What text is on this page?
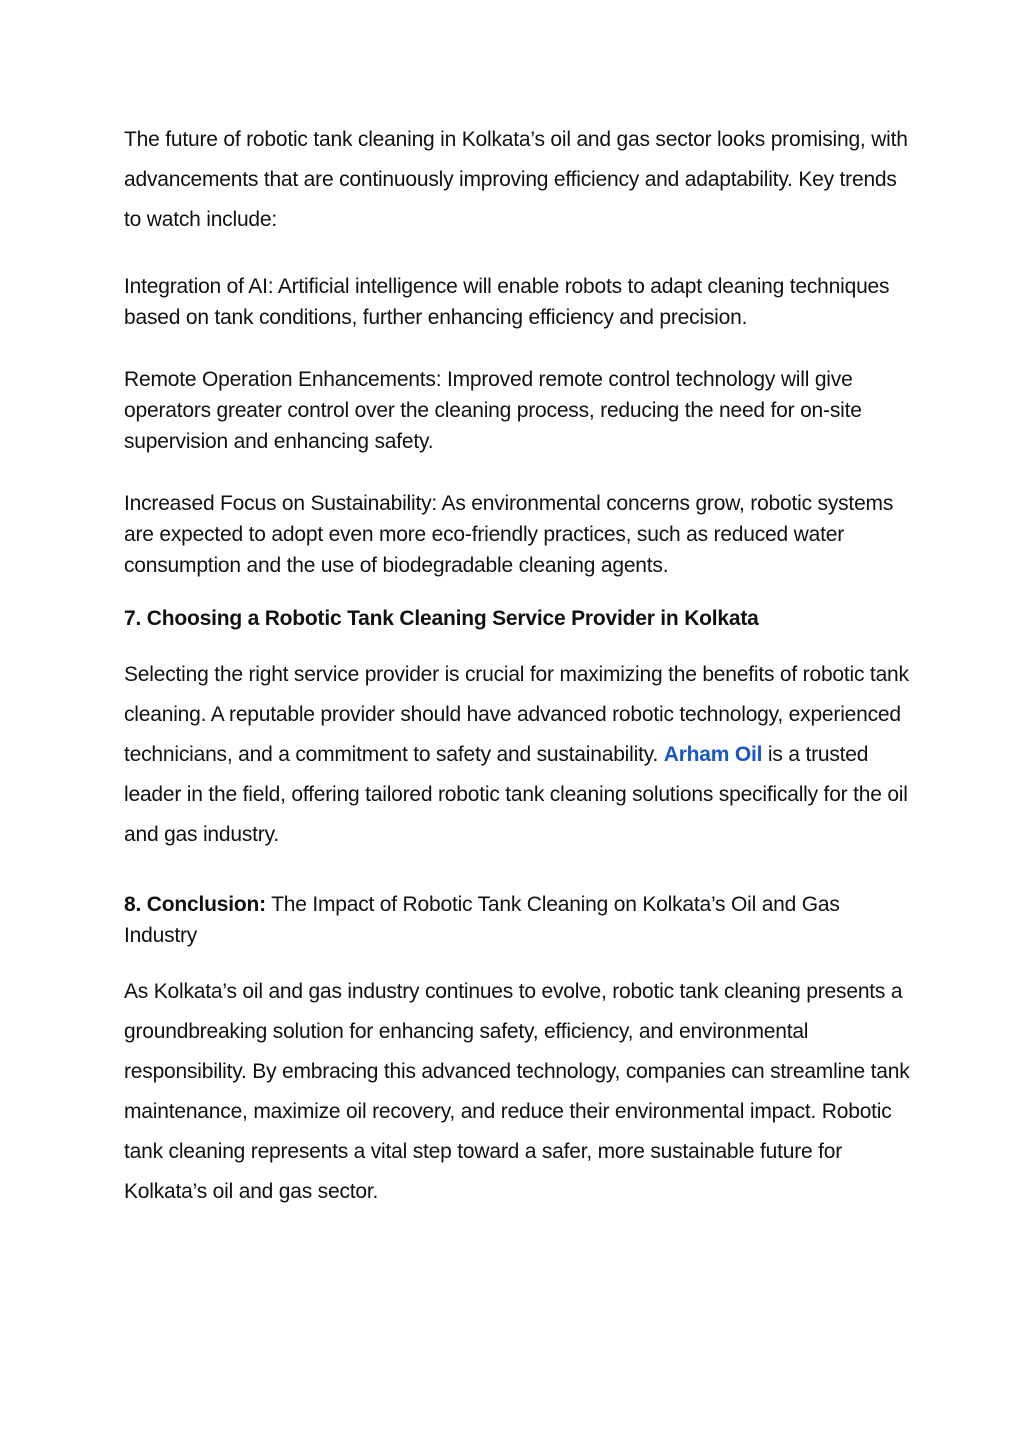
The future of robotic tank cleaning in Kolkata’s oil and gas sector looks promising, with advancements that are continuously improving efficiency and adaptability. Key trends to watch include:

Integration of AI: Artificial intelligence will enable robots to adapt cleaning techniques based on tank conditions, further enhancing efficiency and precision.

Remote Operation Enhancements: Improved remote control technology will give operators greater control over the cleaning process, reducing the need for on-site supervision and enhancing safety.

Increased Focus on Sustainability: As environmental concerns grow, robotic systems are expected to adopt even more eco-friendly practices, such as reduced water consumption and the use of biodegradable cleaning agents.

7. Choosing a Robotic Tank Cleaning Service Provider in Kolkata

Selecting the right service provider is crucial for maximizing the benefits of robotic tank cleaning. A reputable provider should have advanced robotic technology, experienced technicians, and a commitment to safety and sustainability. Arham Oil is a trusted leader in the field, offering tailored robotic tank cleaning solutions specifically for the oil and gas industry.

8. Conclusion: The Impact of Robotic Tank Cleaning on Kolkata’s Oil and Gas Industry

As Kolkata’s oil and gas industry continues to evolve, robotic tank cleaning presents a groundbreaking solution for enhancing safety, efficiency, and environmental responsibility. By embracing this advanced technology, companies can streamline tank maintenance, maximize oil recovery, and reduce their environmental impact. Robotic tank cleaning represents a vital step toward a safer, more sustainable future for Kolkata’s oil and gas sector.
